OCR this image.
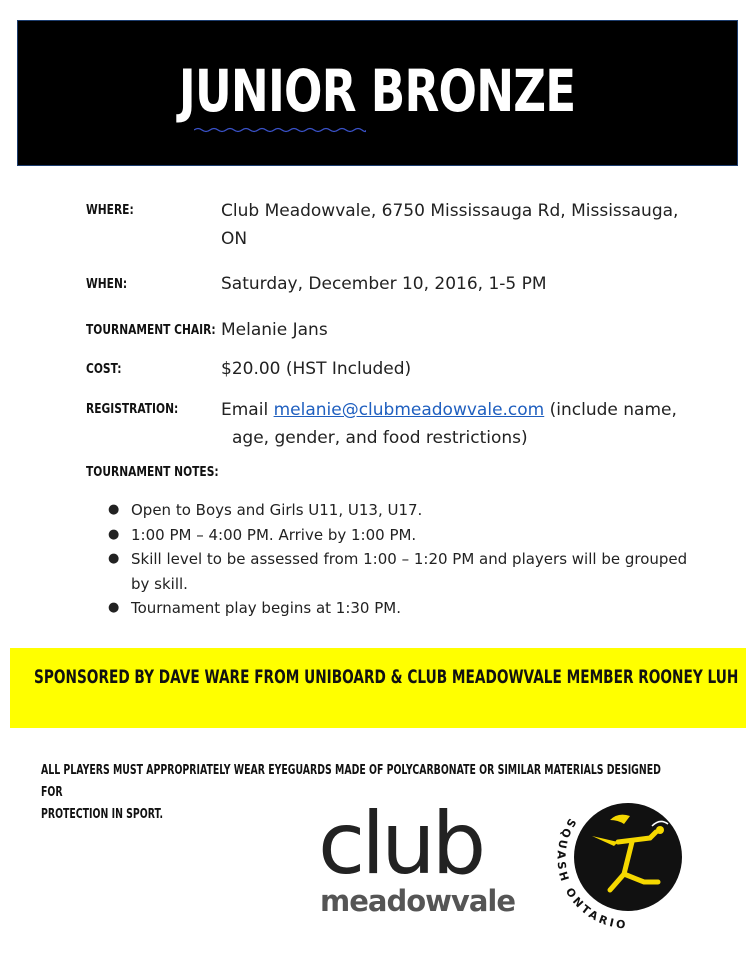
JUNIOR BRONZE
WHERE:	Club Meadowvale, 6750 Mississauga Rd, Mississauga,
ON
WHEN:	Saturday, December 10, 2016, 1-5 PM
TOURNAMENT CHAIR: Melanie Jans
COST:	$20.00 (HST Included)
REGISTRATION:	Email melanie@clubmeadowvale.com (include name,
age, gender, and food restrictions)
TOURNAMENT NOTES:
● Open to Boys and Girls U11, U13, U17.
● 1:00 PM – 4:00 PM. Arrive by 1:00 PM.
● Skill level to be assessed from 1:00 – 1:20 PM and players will be grouped
by skill.
● Tournament play begins at 1:30 PM.
SPONSORED BY DAVE WARE FROM UNIBOARD & CLUB MEADOWVALE MEMBER ROONEY LUH
ALL PLAYERS MUST APPROPRIATELY WEAR EYEGUARDS MADE OF POLYCARBONATE OR SIMILAR MATERIALS DESIGNED FOR
PROTECTION IN SPORT.	club
meadowvale
SQUASH ONTARIO
